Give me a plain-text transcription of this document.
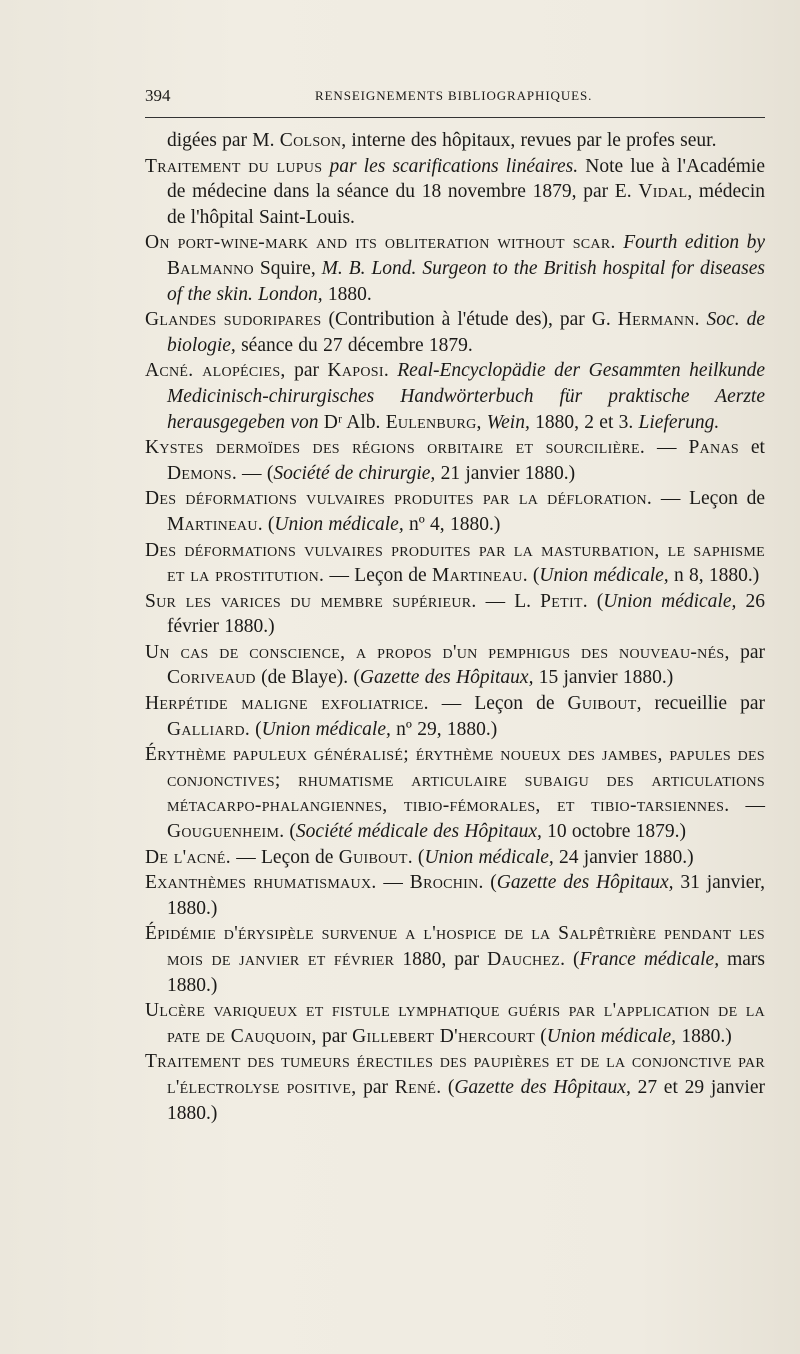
394	RENSEIGNEMENTS BIBLIOGRAPHIQUES.

digées par M. Colson, interne des hôpitaux, revues par le profes seur.

Traitement du lupus par les scarifications linéaires. Note lue à l'Académie de médecine dans la séance du 18 novembre 1879, par E. Vidal, médecin de l'hôpital Saint-Louis.

On port-wine-mark and its obliteration without scar. Fourth edition by Balmanno Squire, M. B. Lond. Surgeon to the British hospital for diseases of the skin. London, 1880.

Glandes sudoripares (Contribution à l'étude des), par G. Hermann. Soc. de biologie, séance du 27 décembre 1879.

Acné. alopécies, par Kaposi. Real-Encyclopädie der Gesammten heilkunde Medicinisch-chirurgisches Handwörterbuch für praktische Aerzte herausgegeben von Dʳ Alb. Eulenburg, Wein, 1880, 2 et 3. Lieferung.

Kystes dermoïdes des régions orbitaire et sourcilière. — Panas et Demons. — (Société de chirurgie, 21 janvier 1880.)

Des déformations vulvaires produites par la défloration. — Leçon de Martineau. (Union médicale, nº 4, 1880.)

Des déformations vulvaires produites par la masturbation, le saphisme et la prostitution. — Leçon de Martineau. (Union médicale, n 8, 1880.)

Sur les varices du membre supérieur. — L. Petit. (Union médicale, 26 février 1880.)

Un cas de conscience, a propos d'un pemphigus des nouveau-nés, par Coriveaud (de Blaye). (Gazette des Hôpitaux, 15 janvier 1880.)

Herpétide maligne exfoliatrice. — Leçon de Guibout, recueillie par Galliard. (Union médicale, nº 29, 1880.)

Érythème papuleux généralisé; érythème noueux des jambes, papules des conjonctives; rhumatisme articulaire subaigu des articulations métacarpo-phalangiennes, tibio-fémorales, et tibio-tarsiennes. — Gouguenheim. (Société médicale des Hôpitaux, 10 octobre 1879.)

De l'acné. — Leçon de Guibout. (Union médicale, 24 janvier 1880.)

Exanthèmes rhumatismaux. — Brochin. (Gazette des Hôpitaux, 31 janvier, 1880.)

Épidémie d'érysipèle survenue a l'hospice de la Salpêtrière pendant les mois de janvier et février 1880, par Dauchez. (France médicale, mars 1880.)

Ulcère variqueux et fistule lymphatique guéris par l'application de la pate de Cauquoin, par Gillebert D'hercourt (Union médicale, 1880.)

Traitement des tumeurs érectiles des paupières et de la conjonctive par l'électrolyse positive, par René. (Gazette des Hôpitaux, 27 et 29 janvier 1880.)
